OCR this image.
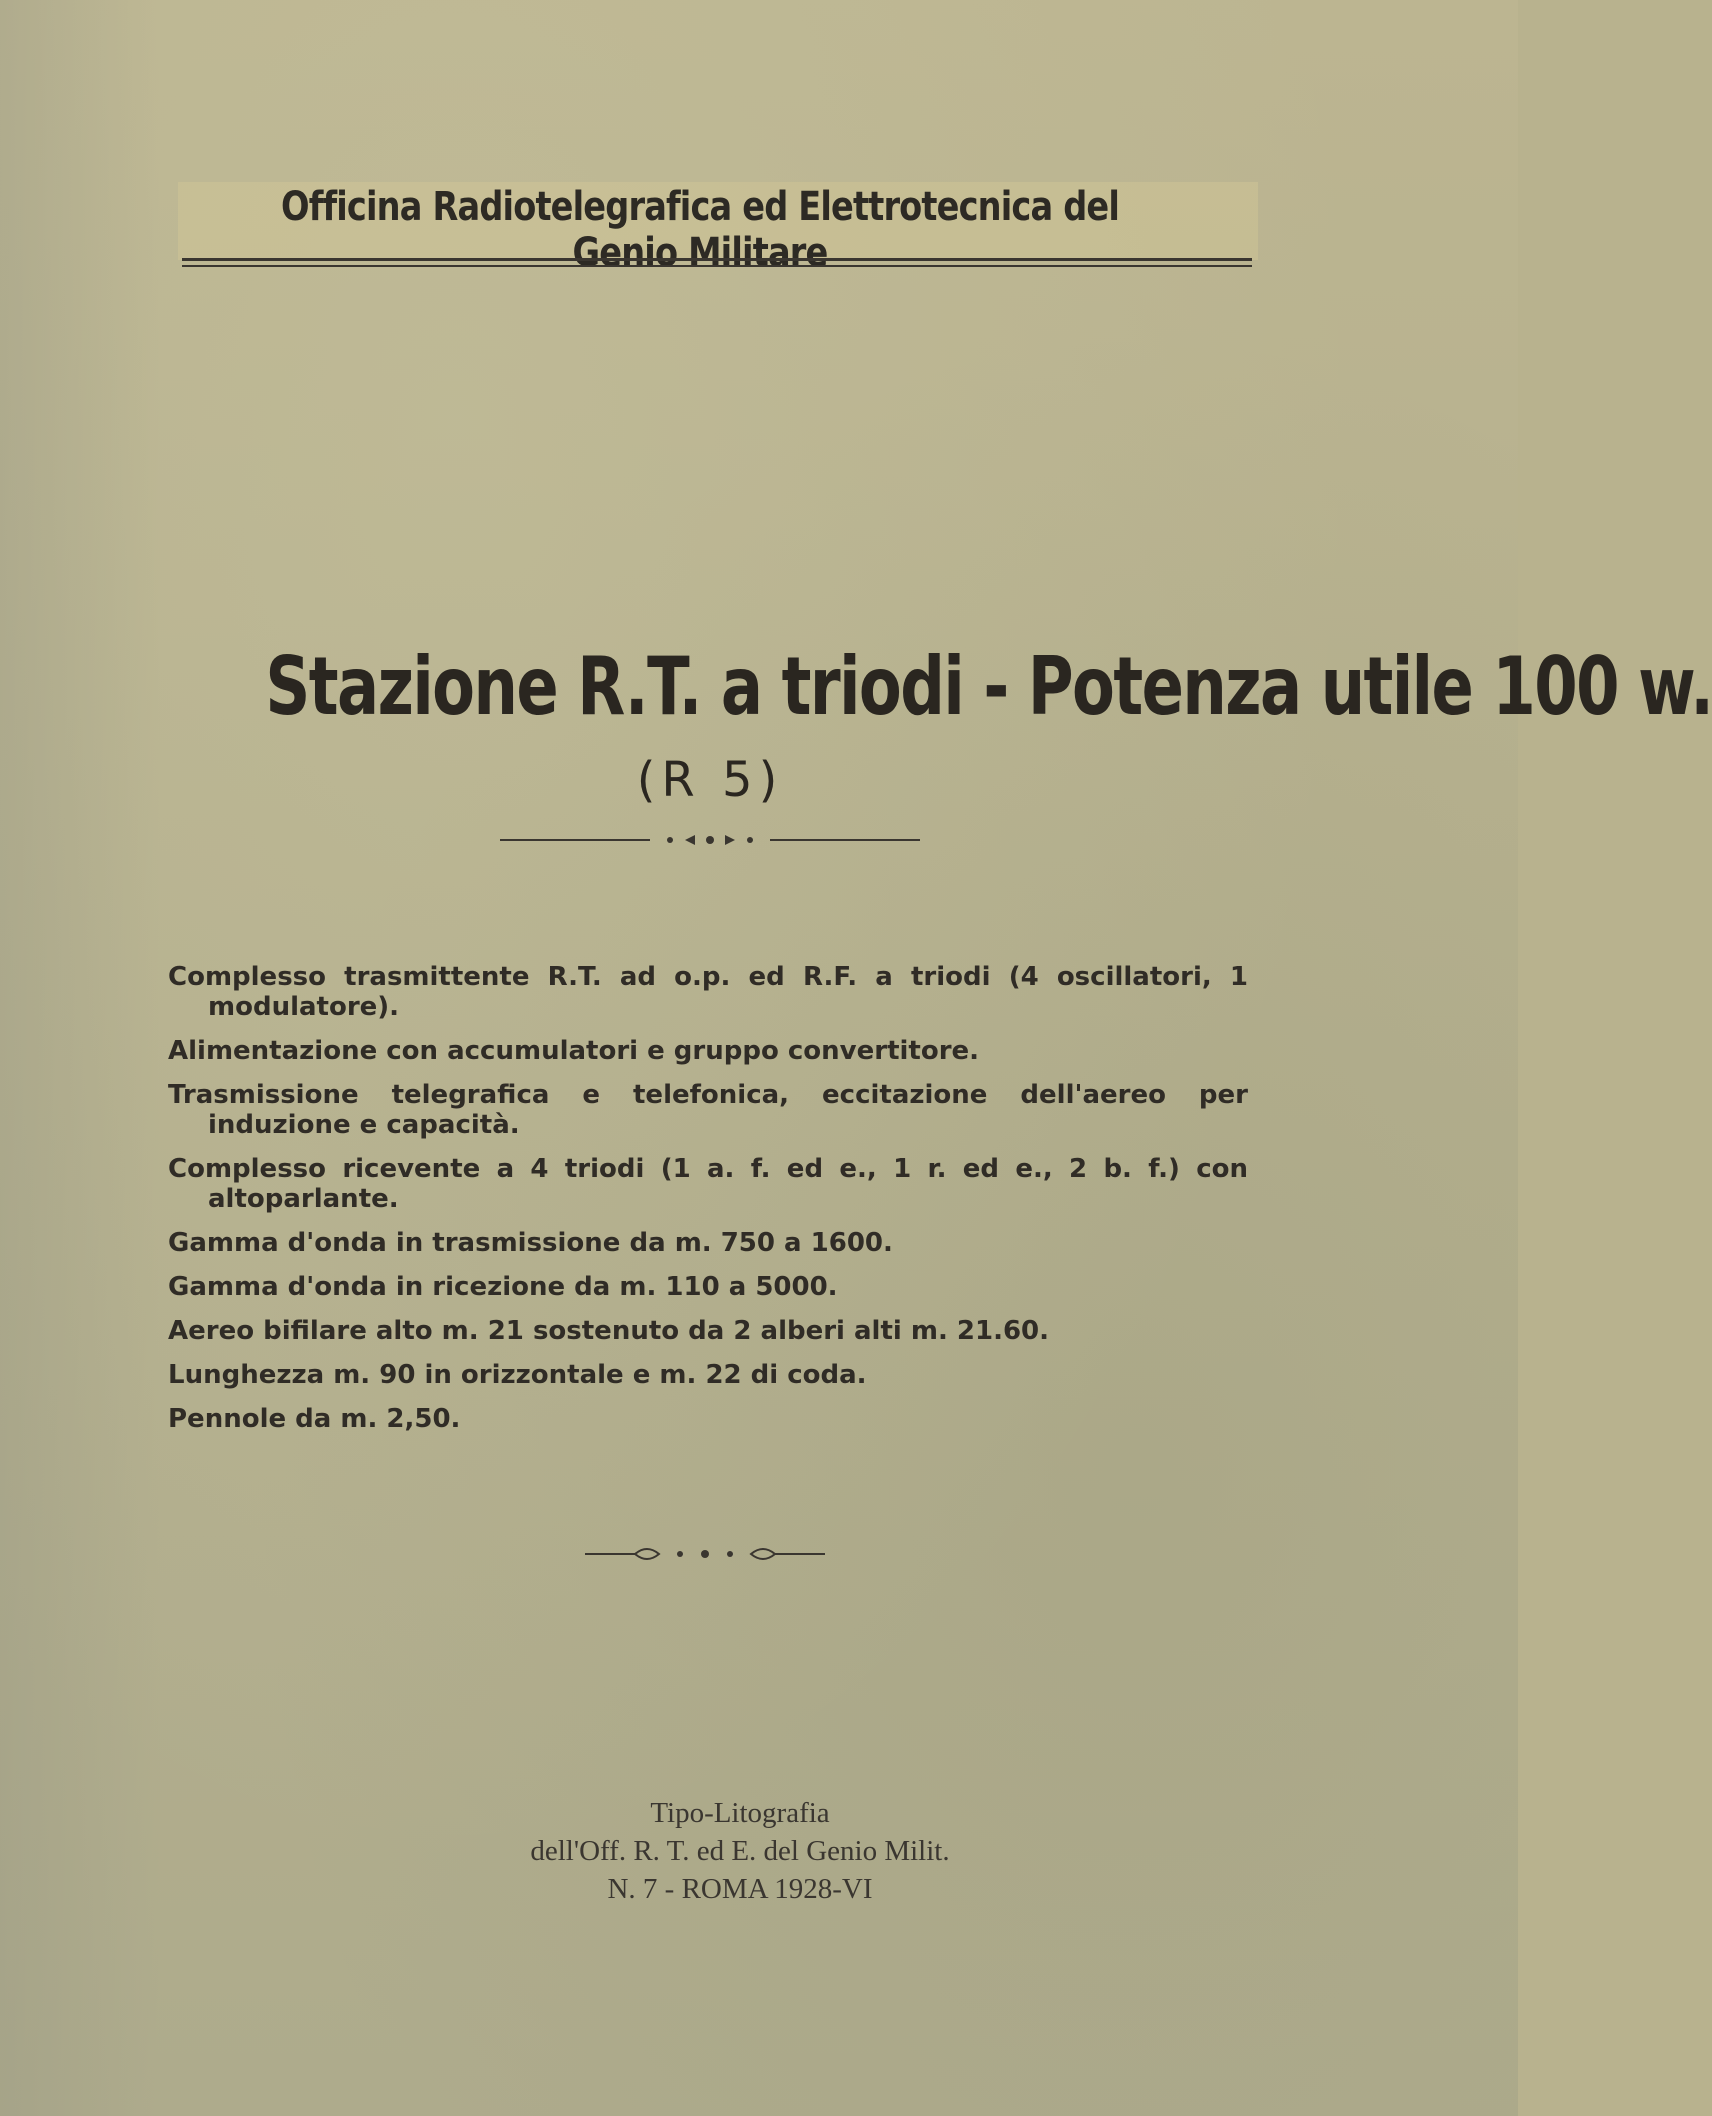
Officina Radiotelegrafica ed Elettrotecnica del Genio Militare
Stazione R.T. a triodi - Potenza utile 100 w.
(R 5)
Complesso trasmittente R.T. ad o.p. ed R.F. a triodi (4 oscillatori, 1 modulatore).
Alimentazione con accumulatori e gruppo convertitore.
Trasmissione telegrafica e telefonica, eccitazione dell'aereo per induzione e capacità.
Complesso ricevente a 4 triodi (1 a. f. ed e., 1 r. ed e., 2 b. f.) con altoparlante.
Gamma d'onda in trasmissione da m. 750 a 1600.
Gamma d'onda in ricezione da m. 110 a 5000.
Aereo bifilare alto m. 21 sostenuto da 2 alberi alti m. 21.60.
Lunghezza m. 90 in orizzontale e m. 22 di coda.
Pennole da m. 2,50.
Tipo-Litografia
dell'Off. R. T. ed E. del Genio Milit.
N. 7 - ROMA 1928-VI
